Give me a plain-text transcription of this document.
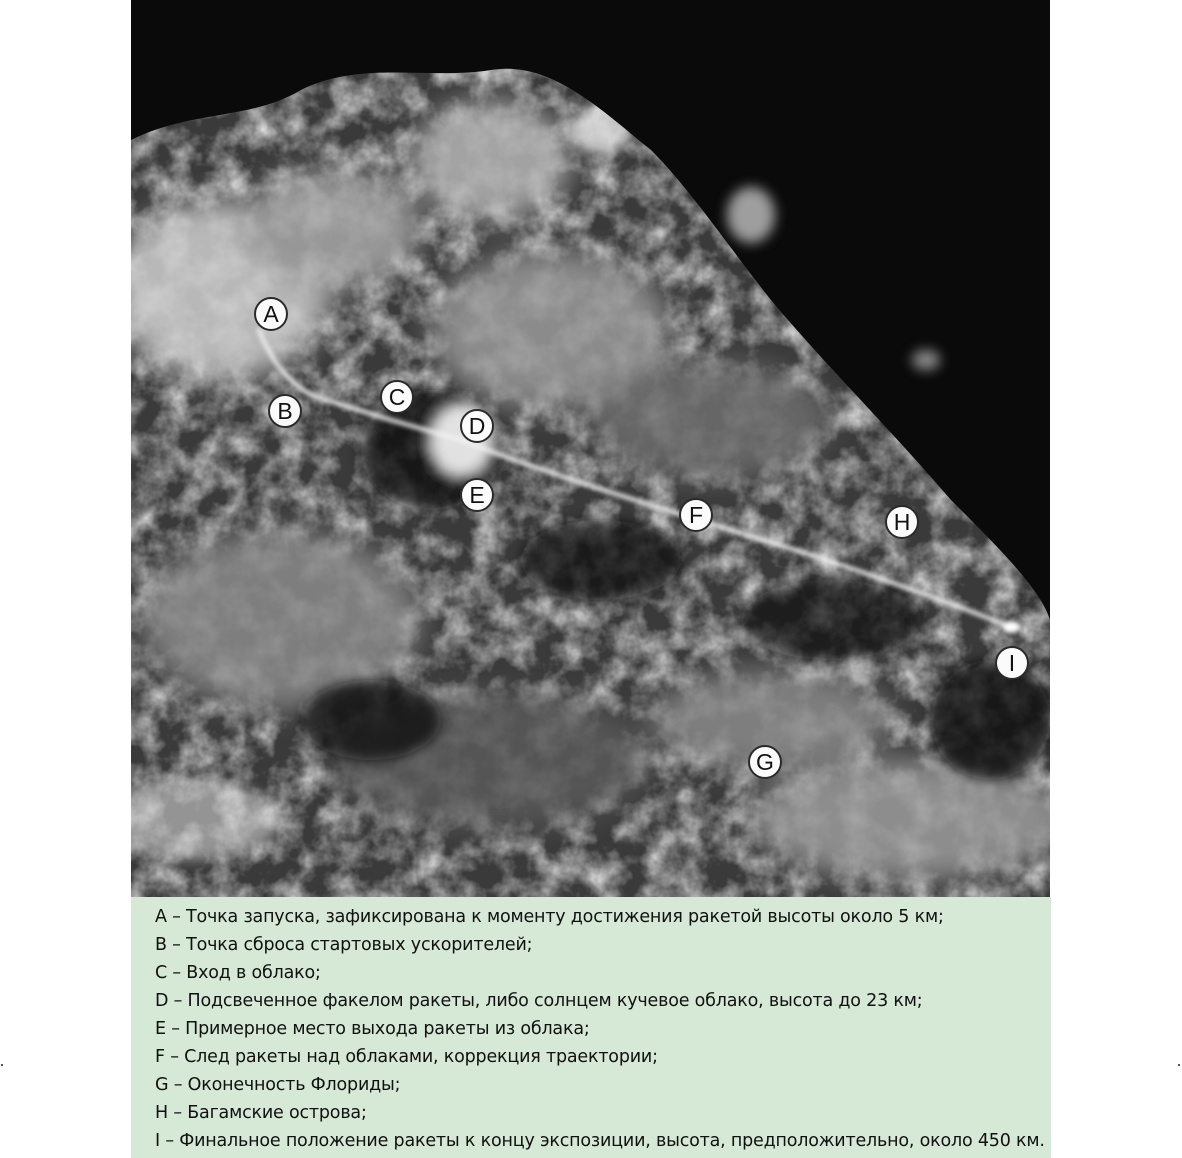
A
B
C
D
E
F
G
H
I
A – Точка запуска, зафиксирована к моменту достижения ракетой высоты около 5 км;
B – Точка сброса стартовых ускорителей;
C – Вход в облако;
D – Подсвеченное факелом ракеты, либо солнцем кучевое облако, высота до 23 км;
E – Примерное место выхода ракеты из облака;
F – След ракеты над облаками, коррекция траектории;
G – Оконечность Флориды;
H – Багамские острова;
I – Финальное положение ракеты к концу экспозиции, высота, предположительно, около 450 км.
